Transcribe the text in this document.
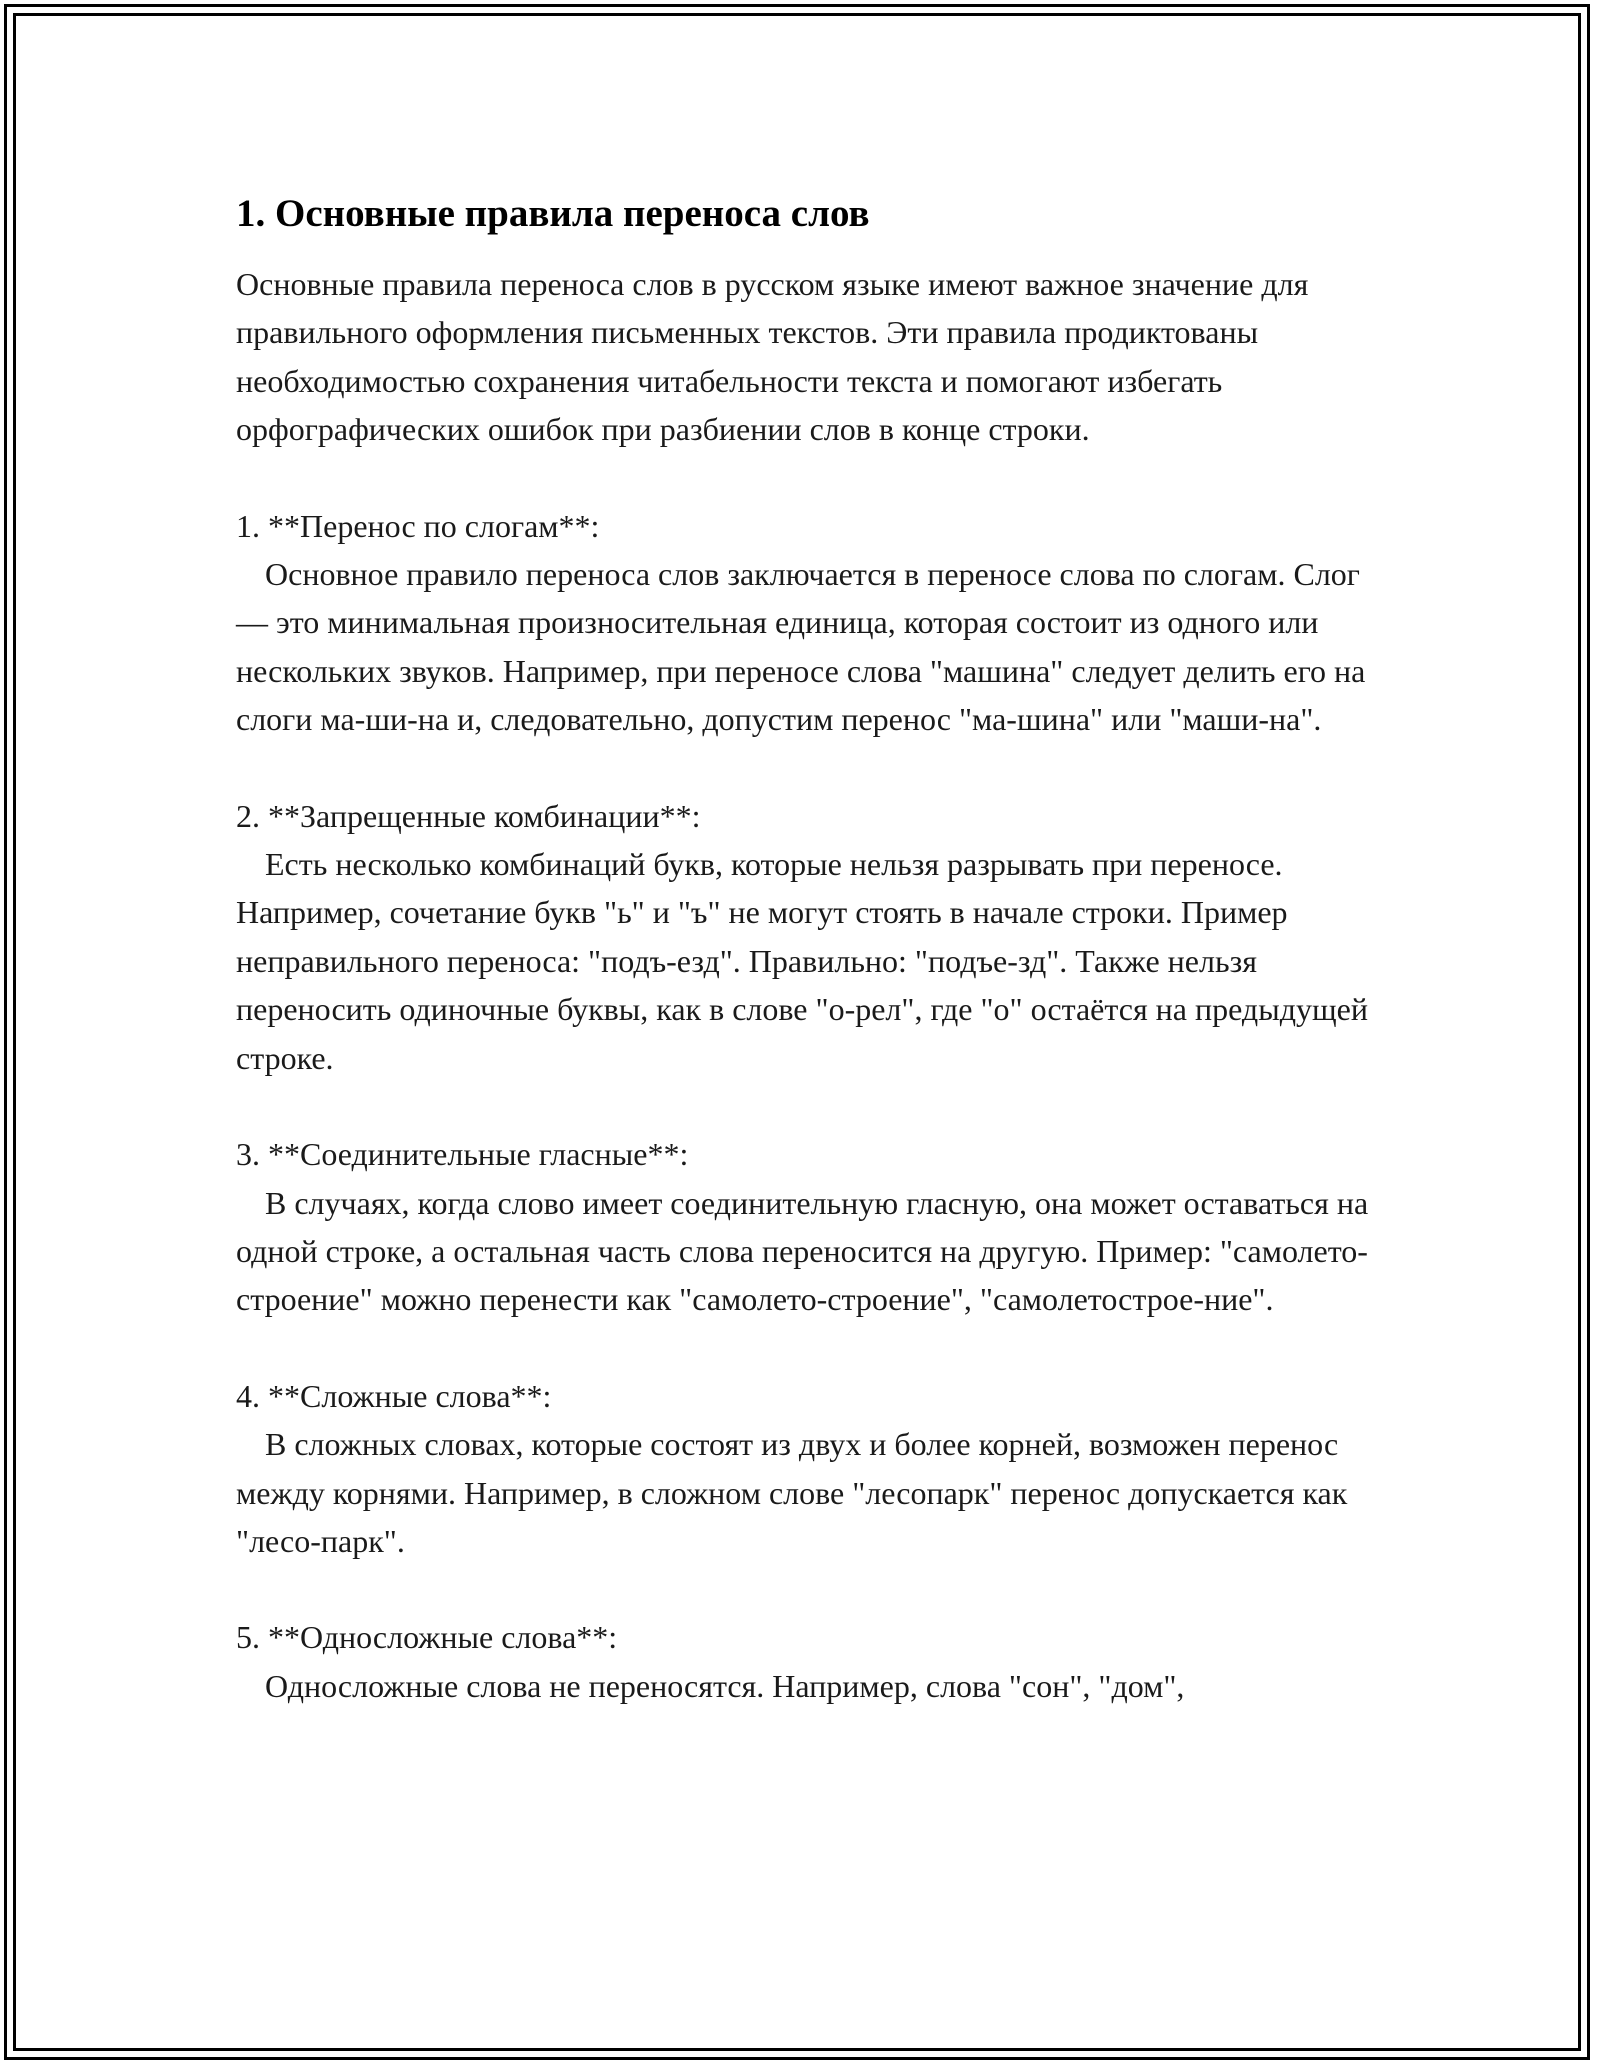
1. Основные правила переноса слов

Основные правила переноса слов в русском языке имеют важное значение для правильного оформления письменных текстов. Эти правила продиктованы необходимостью сохранения читабельности текста и помогают избегать орфографических ошибок при разбиении слов в конце строки.

1. **Перенос по слогам**:
Основное правило переноса слов заключается в переносе слова по слогам. Слог — это минимальная произносительная единица, которая состоит из одного или нескольких звуков. Например, при переносе слова "машина" следует делить его на слоги ма-ши-на и, следовательно, допустим перенос "ма-шина" или "маши-на".
2. **Запрещенные комбинации**:
Есть несколько комбинаций букв, которые нельзя разрывать при переносе. Например, сочетание букв "ь" и "ъ" не могут стоять в начале строки. Пример неправильного переноса: "подъ-езд". Правильно: "подъе-зд". Также нельзя переносить одиночные буквы, как в слове "о-рел", где "о" остаётся на предыдущей строке.
3. **Соединительные гласные**:
В случаях, когда слово имеет соединительную гласную, она может оставаться на одной строке, а остальная часть слова переносится на другую. Пример: "самолето-строение" можно перенести как "самолето-строение", "самолетострое-ние".
4. **Сложные слова**:
В сложных словах, которые состоят из двух и более корней, возможен перенос между корнями. Например, в сложном слове "лесопарк" перенос допускается как "лесо-парк".
5. **Односложные слова**:
Односложные слова не переносятся. Например, слова "сон", "дом",
